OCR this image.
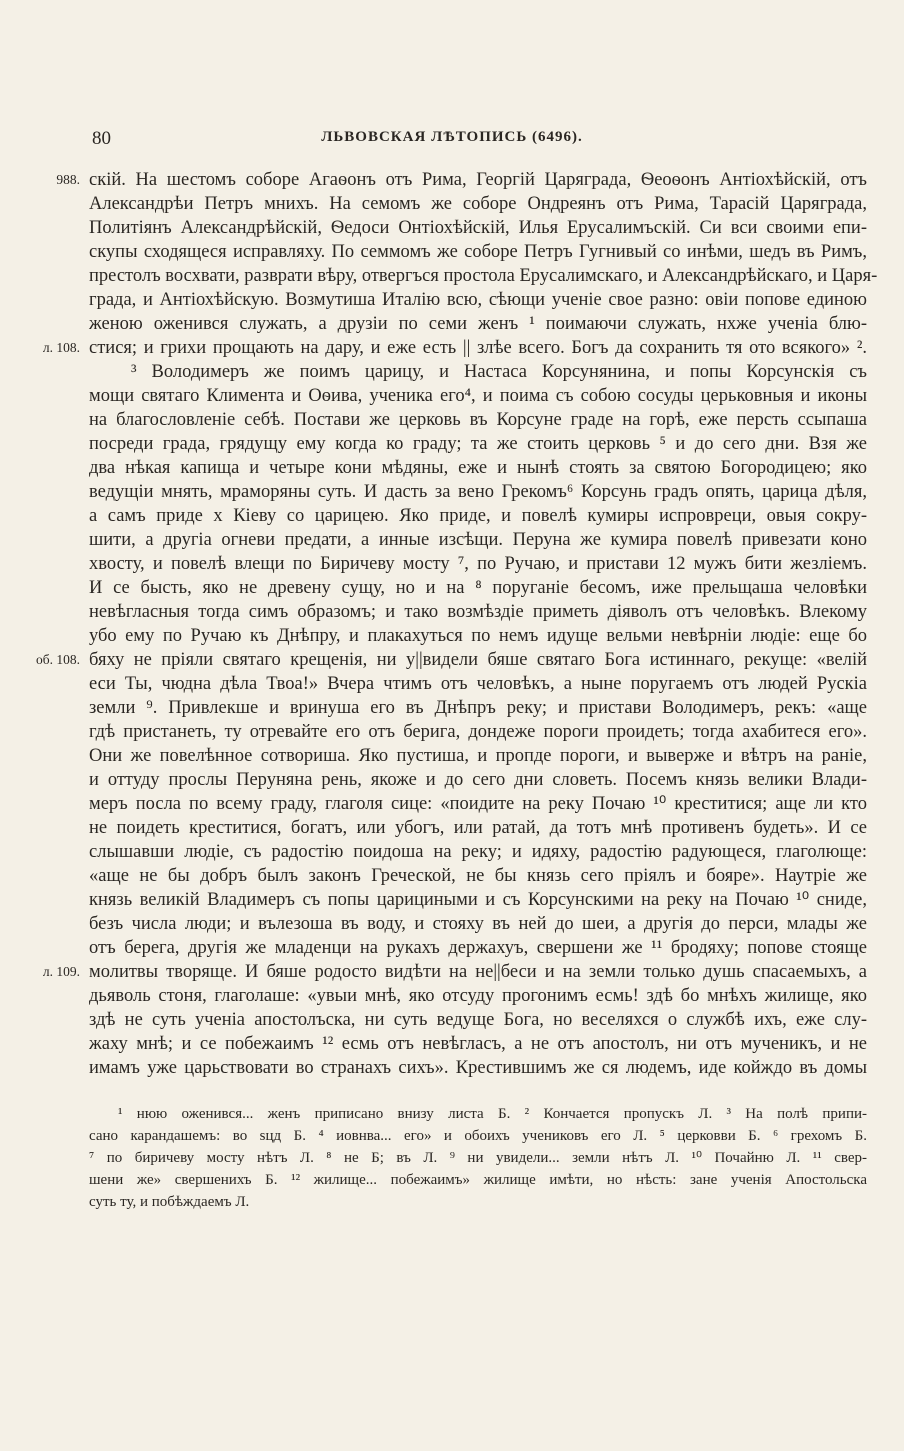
80	ЛЬВОВСКАЯ ЛѢТОПИСЬ (6496).
988. скій. На шестомъ соборе Агаѳонъ отъ Рима, Георгій Царяграда, Ѳеоѳонъ Антіохѣйскій, отъ
Александрѣи Петръ мнихъ. На семомъ же соборе Ондреянъ отъ Рима, Тарасій Царяграда,
Политіянъ Александрѣйскій, Ѳедоси Онтіохѣйскій, Илья Ерусалимъскій. Си вси своими епи-
скупы сходящеся исправляху. По семмомъ же соборе Петръ Гугнивый со инѣми, шедъ въ Римъ,
престолъ восхвати, разврати вѣру, отвергъся простола Ерусалимскаго, и Александрѣйскаго, и Царя-
града, и Антіохѣйскую. Возмутиша Италію всю, сѣющи ученіе свое разно: овіи попове единою
женою оженився служать, а друзіи по семи женъ ¹ поимаючи служать, нхже ученіа блю-
л. 108. стися; и грихи прощають на дару, и еже есть || злѣе всего. Богъ да сохранить тя ото всякого» ².
³ Володимеръ же поимъ царицу, и Настаса Корсунянина, и попы Корсунскія съ
мощи святаго Климента и Оѳива, ученика его⁴, и поима съ собою сосуды церьковныя и иконы
на благословленіе себѣ. Постави же церковь въ Корсуне граде на горѣ, еже персть ссыпаша
посреди града, грядущу ему когда ко граду; та же стоить церковь ⁵ и до сего дни. Взя же
два нѣкая капища и четыре кони мѣдяны, еже и нынѣ стоять за святою Богородицею; яко
ведущіи мнять, мраморяны суть. И дасть за вено Грекомъ⁶ Корсунь градъ опять, царица дѣля,
а самъ приде х Кіеву со царицею. Яко приде, и повелѣ кумиры испровреци, овыя сокру-
шити, а другіа огневи предати, а инные изсѣщи. Перуна же кумира повелѣ привезати коно
хвосту, и повелѣ влещи по Биричеву мосту ⁷, по Ручаю, и пристави 12 мужъ бити жезліемъ.
И се бысть, яко не древену сущу, но и на ⁸ поруганіе бесомъ, иже прельщаша человѣки
невѣгласныя тогда симъ образомъ; и тако возмѣздіе приметь діяволъ отъ человѣкъ. Влекому
убо ему по Ручаю къ Днѣпру, и плакахуться по немъ идуще вельми невѣрніи людіе: еще бо
об. 108. бяху не пріяли святаго крещенія, ни у||видели бяше святаго Бога истиннаго, рекуще: «велій
еси Ты, чюдна дѣла Твоа!» Вчера чтимъ отъ человѣкъ, а ныне поругаемъ отъ людей Рускіа
земли ⁹. Привлекше и вринуша его въ Днѣпръ реку; и пристави Володимеръ, рекъ: «аще
гдѣ пристанеть, ту отревайте его отъ берига, дондеже пороги проидеть; тогда ахабитеся его».
Они же повелѣнное сотвориша. Яко пустиша, и пропде пороги, и выверже и вѣтръ на раніе,
и оттуду прослы Перуняна рень, якоже и до сего дни словеть. Посемъ князь велики Влади-
меръ посла по всему граду, глаголя сице: «поидите на реку Почаю ¹⁰ креститися; аще ли кто
не поидеть креститися, богатъ, или убогъ, или ратай, да тотъ мнѣ противенъ будеть». И се
слышавши людіе, съ радостію поидоша на реку; и идяху, радостію радующеся, глаголюще:
«аще не бы добръ былъ законъ Греческой, не бы князь сего пріялъ и бояре». Наутріе же
князь великій Владимеръ съ попы царициными и съ Корсунскими на реку на Почаю ¹⁰ сниде,
безъ числа люди; и вълезоша въ воду, и стояху въ ней до шеи, а другія до перси, млады же
отъ берега, другія же младенци на рукахъ держахуъ, свершени же ¹¹ бродяху; попове стояще
л. 109. молитвы творяще. И бяше родосто видѣти на не||беси и на земли только душь спасаемыхъ, а
дьяволь стоня, глаголаше: «увыи мнѣ, яко отсуду прогонимъ есмь! здѣ бо мнѣхъ жилище, яко
здѣ не суть ученіа апостолъска, ни суть ведуще Бога, но веселяхся о службѣ ихъ, еже слу-
жаху мнѣ; и се побежаимъ ¹² есмь отъ невѣгласъ, а не отъ апостолъ, ни отъ мученикъ, и не
имамъ уже царьствовати во странахъ сихъ». Крестившимъ же ся людемъ, иде койждо въ домы
¹ нюю оженився... женъ приписано внизу листа Б. ² Кончается пропускъ Л. ³ На полѣ припи-
сано карандашемъ: во ѕцд Б. ⁴ иовнва... его» и обоихъ учениковъ его Л. ⁵ церковви Б. ⁶ грехомъ Б.
⁷ по биричеву мосту нѣтъ Л. ⁸ не Б; въ Л. ⁹ ни увидели... земли нѣтъ Л. ¹⁰ Почайню Л. ¹¹ свер-
шени же» свершенихъ Б. ¹² жилище... побежаимъ» жилище имѣти, но нѣсть: зане ученія Апостольска
суть ту, и побѣждаемъ Л.
